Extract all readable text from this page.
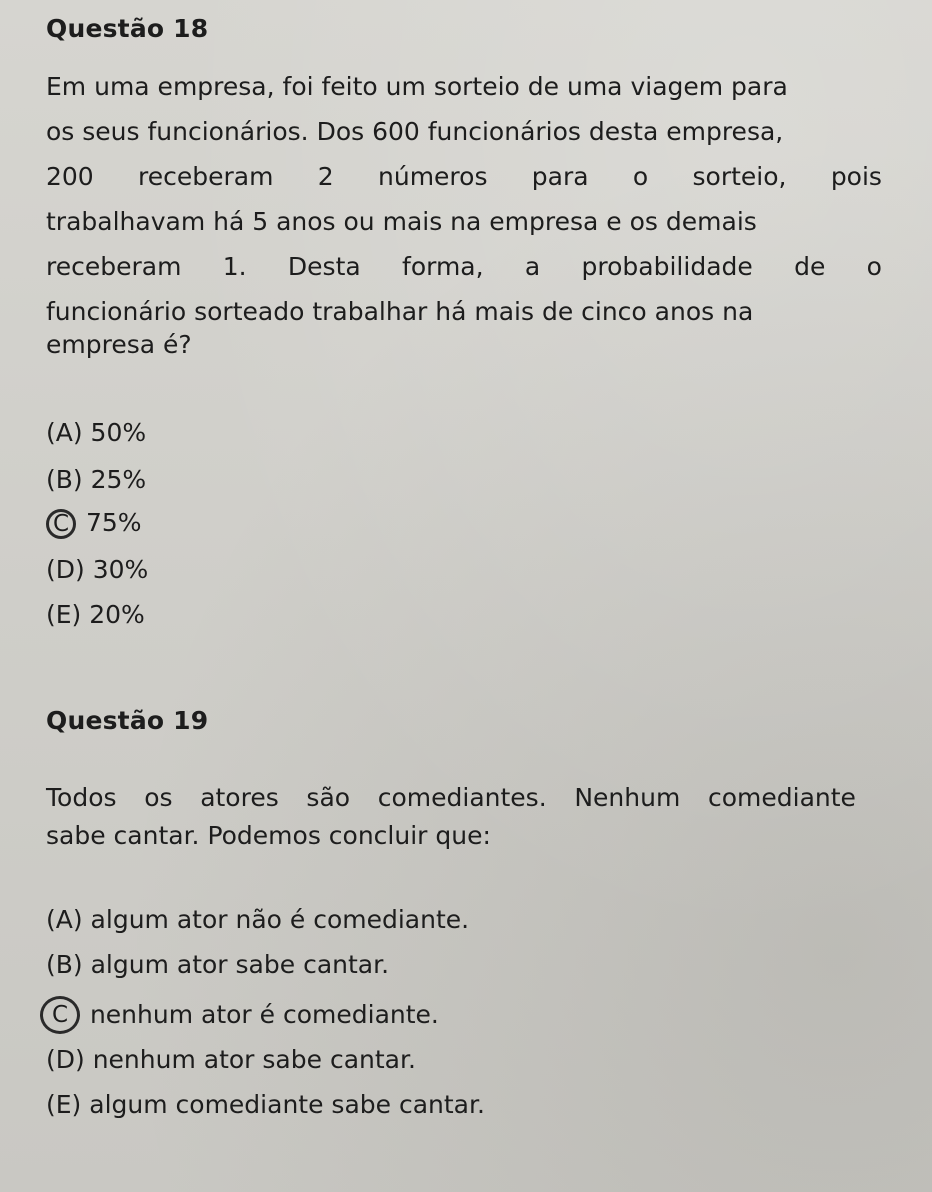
Questão 18
Em uma empresa, foi feito um sorteio de uma viagem para
os seus funcionários. Dos 600 funcionários desta empresa,
200 receberam 2 números para o sorteio, pois
trabalhavam há 5 anos ou mais na empresa e os demais
receberam 1. Desta forma, a probabilidade de o
funcionário sorteado trabalhar há mais de cinco anos na
empresa é?
(A) 50%
(B) 25%
C 75%
(D) 30%
(E) 20%
Questão 19
Todos os atores são comediantes. Nenhum comediante
sabe cantar. Podemos concluir que:
(A) algum ator não é comediante.
(B) algum ator sabe cantar.
C nenhum ator é comediante.
(D) nenhum ator sabe cantar.
(E) algum comediante sabe cantar.
